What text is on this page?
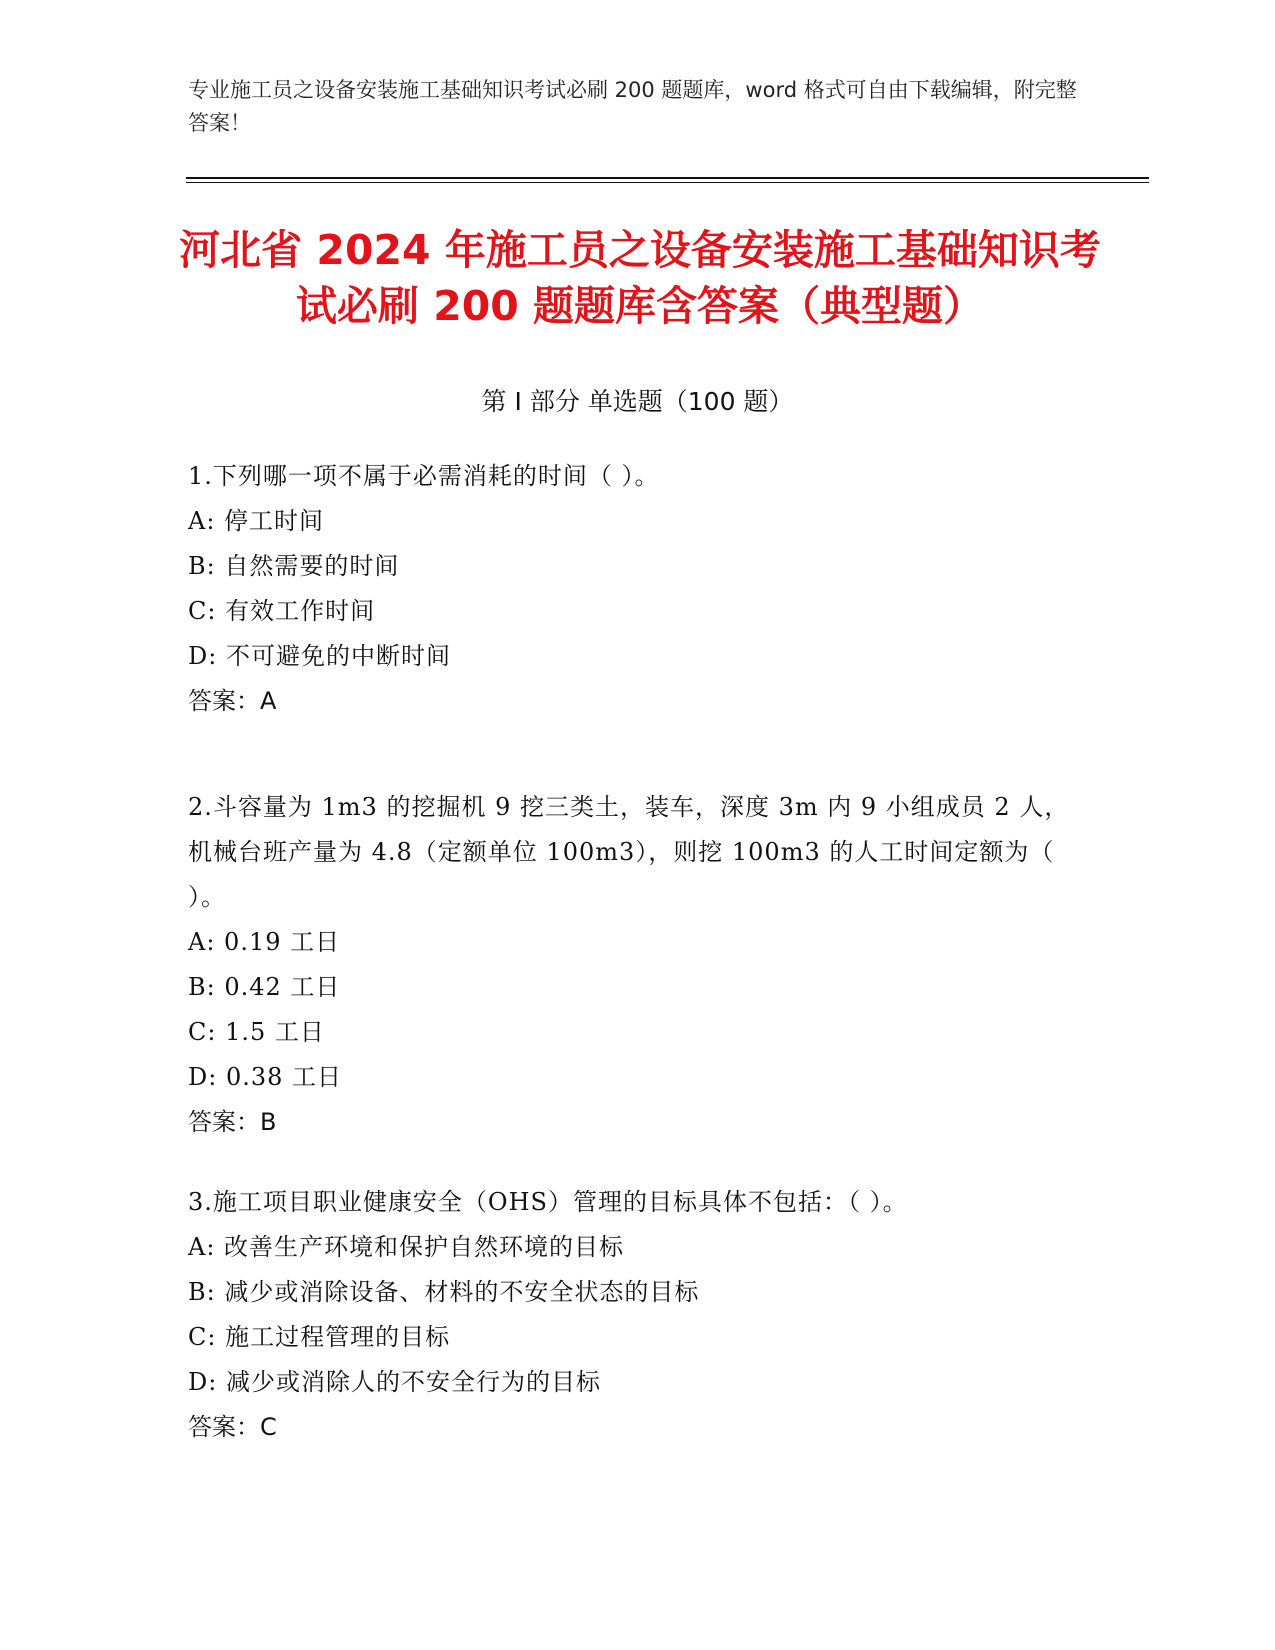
专业施工员之设备安装施工基础知识考试必刷 200 题题库，word 格式可自由下载编辑，附完整答案！
河北省 2024 年施工员之设备安装施工基础知识考试必刷 200 题题库含答案（典型题）
第 I 部分 单选题（100 题）
1.下列哪一项不属于必需消耗的时间（ ）。
A: 停工时间
B: 自然需要的时间
C: 有效工作时间
D: 不可避免的中断时间
答案：A
2.斗容量为 1m3 的挖掘机 9 挖三类土，装车，深度 3m 内 9 小组成员 2 人，机械台班产量为 4.8（定额单位 100m3），则挖 100m3 的人工时间定额为（ ）。
A: 0.19 工日
B: 0.42 工日
C: 1.5 工日
D: 0.38 工日
答案：B
3.施工项目职业健康安全（OHS）管理的目标具体不包括：（ ）。
A: 改善生产环境和保护自然环境的目标
B: 减少或消除设备、材料的不安全状态的目标
C: 施工过程管理的目标
D: 减少或消除人的不安全行为的目标
答案：C
